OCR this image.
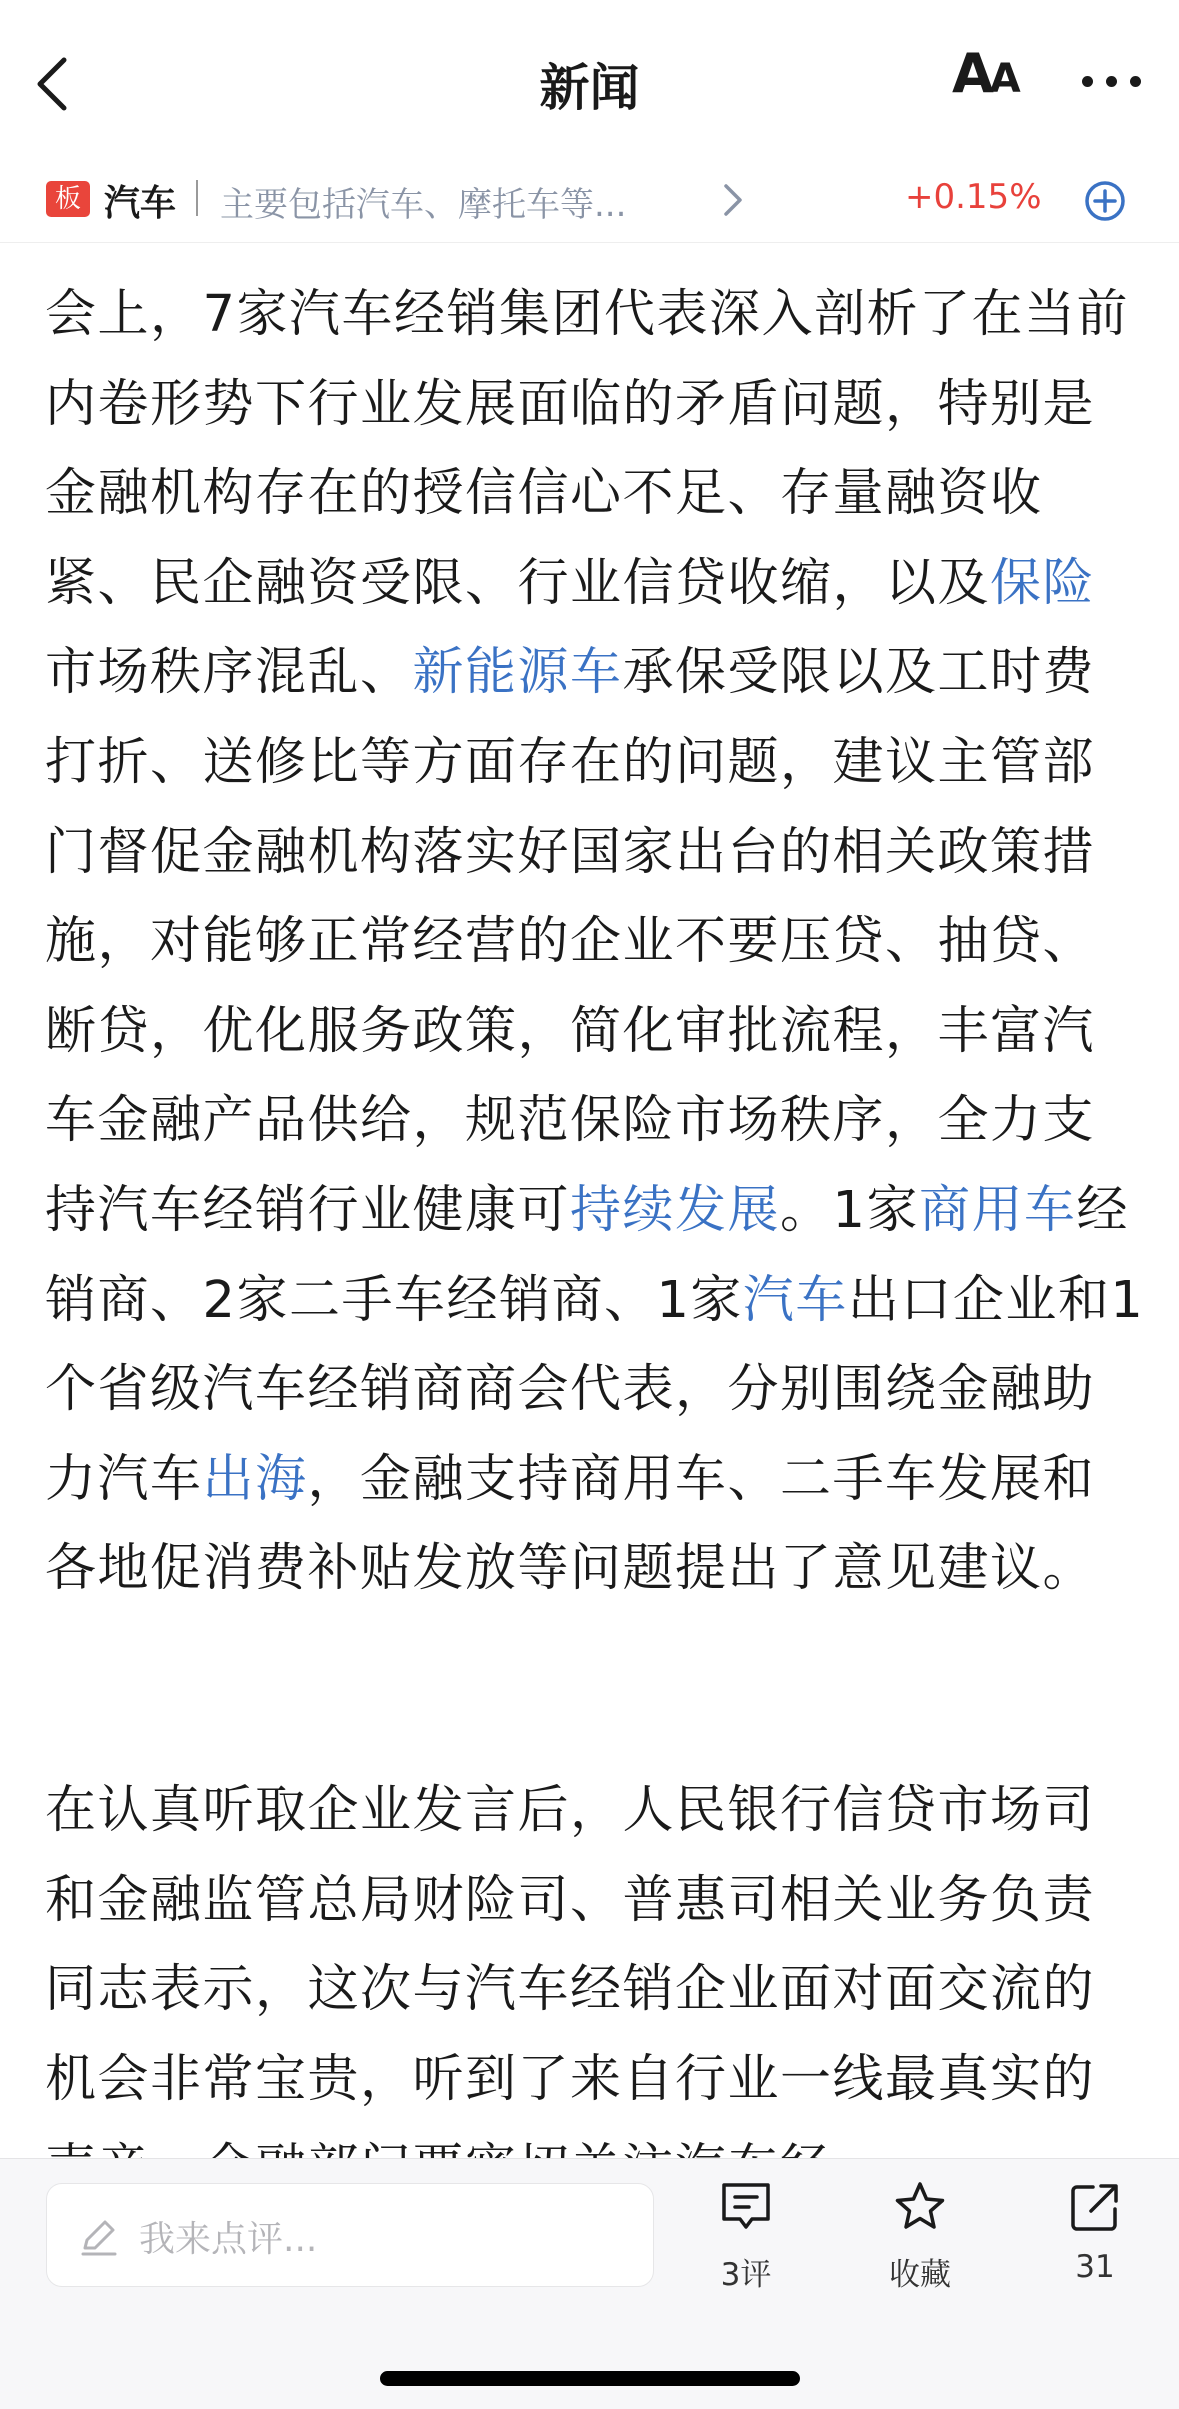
新闻	AA
板 汽车 主要包括汽车、摩托车等...	+0.15%

会上，7家汽车经销集团代表深入剖析了在当前内卷形势下行业发展面临的矛盾问题，特别是金融机构存在的授信信心不足、存量融资收紧、民企融资受限、行业信贷收缩，以及保险市场秩序混乱、新能源车承保受限以及工时费打折、送修比等方面存在的问题，建议主管部门督促金融机构落实好国家出台的相关政策措施，对能够正常经营的企业不要压贷、抽贷、断贷，优化服务政策，简化审批流程，丰富汽车金融产品供给，规范保险市场秩序，全力支持汽车经销行业健康可持续发展。1家商用车经销商、2家二手车经销商、1家汽车出口企业和1个省级汽车经销商商会代表，分别围绕金融助力汽车出海，金融支持商用车、二手车发展和各地促消费补贴发放等问题提出了意见建议。

在认真听取企业发言后，人民银行信贷市场司和金融监管总局财险司、普惠司相关业务负责同志表示，这次与汽车经销企业面对面交流的机会非常宝贵，听到了来自行业一线最真实的

我来点评...
3评	收藏	31
